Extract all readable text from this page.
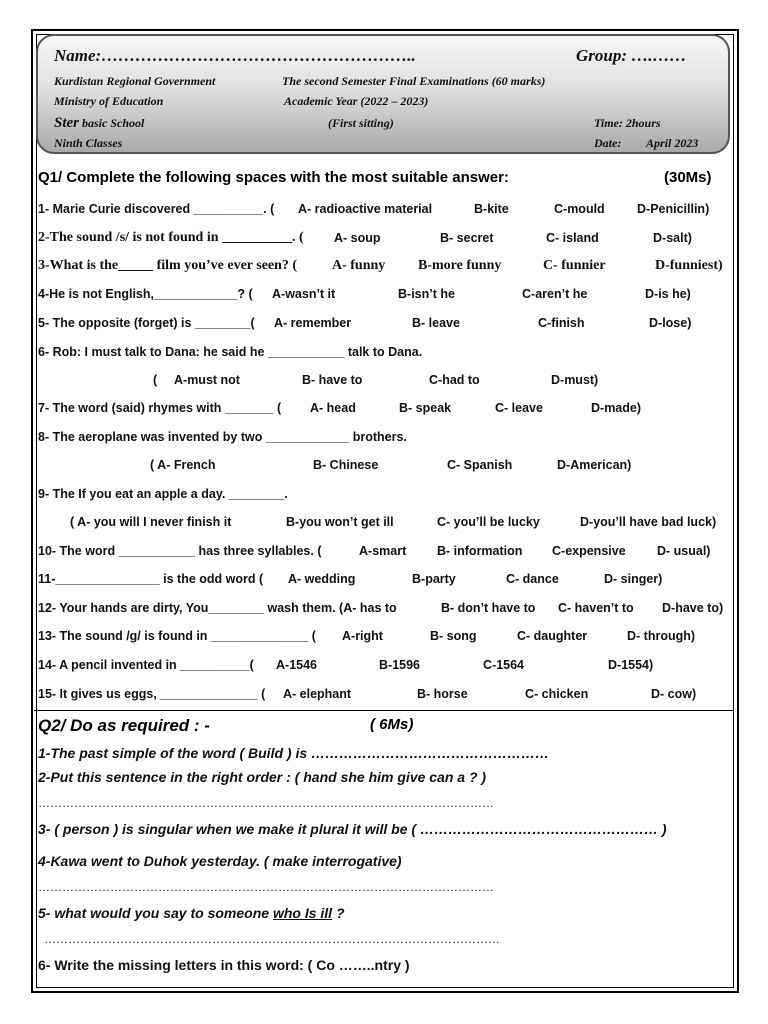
Name:………………………………………………..	Group: ….……
Kurdistan Regional Government	The second Semester Final Examinations (60 marks)
Ministry of Education	Academic Year (2022 – 2023)
Ster basic School	(First sitting)	Time: 2hours
Ninth Classes	Date: April 2023
Q1/ Complete the following spaces with the most suitable answer:	(30Ms)
1- Marie Curie discovered __________. ( A- radioactive material	B-kite	C-mould	D-Penicillin)
2-The sound /s/ is not found in __________. ( A- soup	B- secret	C- island	D-salt)
3-What is the_____ film you’ve ever seen? ( A- funny B-more funny	C- funnier	D-funniest)
4-He is not English,____________? ( A-wasn’t it	B-isn’t he	C-aren’t he	D-is he)
5- The opposite (forget) is ________( A- remember	B- leave	C-finish	D-lose)
6- Rob: I must talk to Dana: he said he ___________ talk to Dana.
( A-must not	B- have to	C-had to	D-must)
7- The word (said) rhymes with _______ ( A- head	B- speak	C- leave	D-made)
8- The aeroplane was invented by two ____________ brothers.
( A- French	B- Chinese	C- Spanish	D-American)
9- The If you eat an apple a day. ________.
( A- you will I never finish it	B-you won’t get ill	C- you’ll be lucky	D-you’ll have bad luck)
10- The word ___________ has three syllables. (	A-smart B- information C-expensive	D- usual)
11-_______________ is the odd word ( A- wedding	B-party	C- dance	D- singer)
12- Your hands are dirty, You________ wash them. (A- has to	B- don’t have to C- haven’t to D-have to)
13- The sound /g/ is found in ______________ ( A-right	B- song	C- daughter	D- through)
14- A pencil invented in __________( A-1546	B-1596	C-1564	D-1554)
15- It gives us eggs, ______________ ( A- elephant	B- horse	C- chicken	D- cow)
Q2/ Do as required : -	( 6Ms)
1-The past simple of the word ( Build ) is ……………………………………………
2-Put this sentence in the right order : ( hand she him give can a ? )
……………………………………………………………………………………………………
3- ( person ) is singular when we make it plural it will be ( …………………………………………… )
4-Kawa went to Duhok yesterday. ( make interrogative)
……………………………………………………………………………………………………
5- what would you say to someone who Is ill ?
……………………………………………………………………………………………………
6- Write the missing letters in this word: ( Co ……..ntry )
